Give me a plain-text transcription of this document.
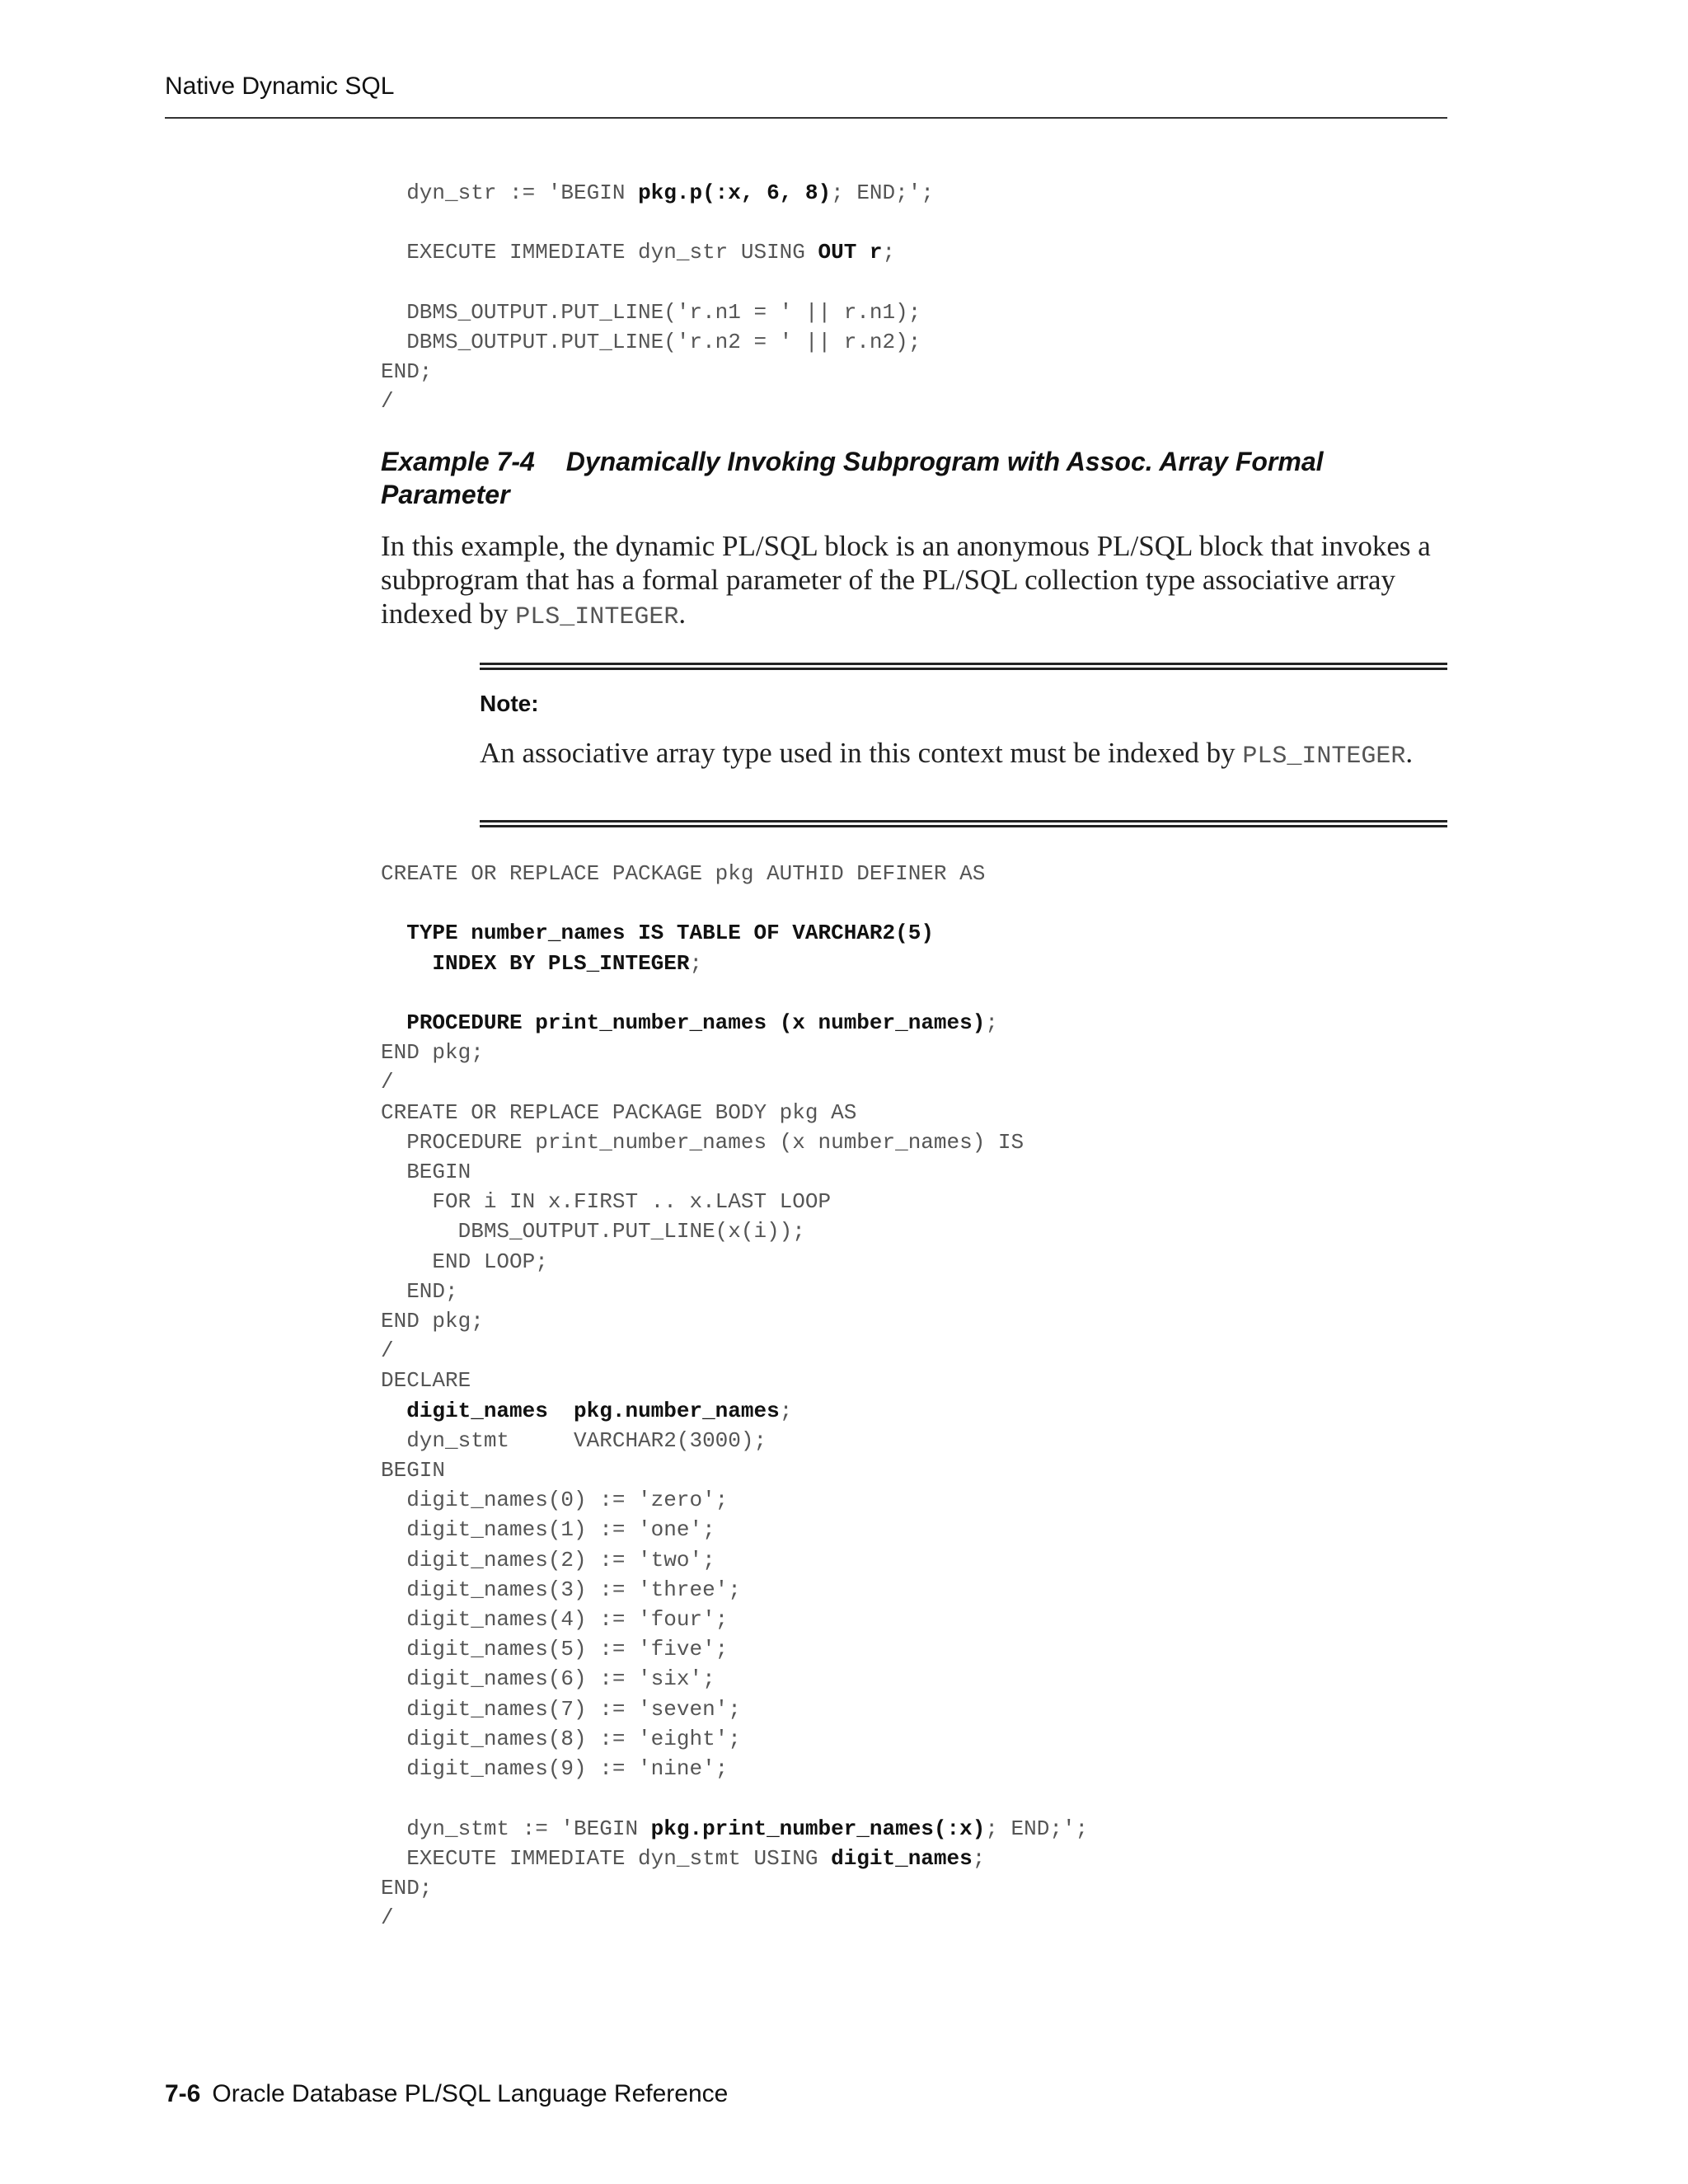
Native Dynamic SQL
dyn_str := 'BEGIN pkg.p(:x, 6, 8); END;';

EXECUTE IMMEDIATE dyn_str USING OUT r;

DBMS_OUTPUT.PUT_LINE('r.n1 = ' || r.n1);
DBMS_OUTPUT.PUT_LINE('r.n2 = ' || r.n2);
END;
/

Example 7-4 Dynamically Invoking Subprogram with Assoc. Array Formal Parameter

In this example, the dynamic PL/SQL block is an anonymous PL/SQL block that invokes a subprogram that has a formal parameter of the PL/SQL collection type associative array indexed by PLS_INTEGER.

Note:

An associative array type used in this context must be indexed by PLS_INTEGER.

CREATE OR REPLACE PACKAGE pkg AUTHID DEFINER AS

TYPE number_names IS TABLE OF VARCHAR2(5)
INDEX BY PLS_INTEGER;

PROCEDURE print_number_names (x number_names);
END pkg;
/
CREATE OR REPLACE PACKAGE BODY pkg AS
PROCEDURE print_number_names (x number_names) IS
BEGIN
FOR i IN x.FIRST .. x.LAST LOOP
DBMS_OUTPUT.PUT_LINE(x(i));
END LOOP;
END;
END pkg;
/
DECLARE
digit_names  pkg.number_names;
dyn_stmt     VARCHAR2(3000);
BEGIN
digit_names(0) := 'zero';
digit_names(1) := 'one';
digit_names(2) := 'two';
digit_names(3) := 'three';
digit_names(4) := 'four';
digit_names(5) := 'five';
digit_names(6) := 'six';
digit_names(7) := 'seven';
digit_names(8) := 'eight';
digit_names(9) := 'nine';

dyn_stmt := 'BEGIN pkg.print_number_names(:x); END;';
EXECUTE IMMEDIATE dyn_stmt USING digit_names;
END;
/

7-6 Oracle Database PL/SQL Language Reference
